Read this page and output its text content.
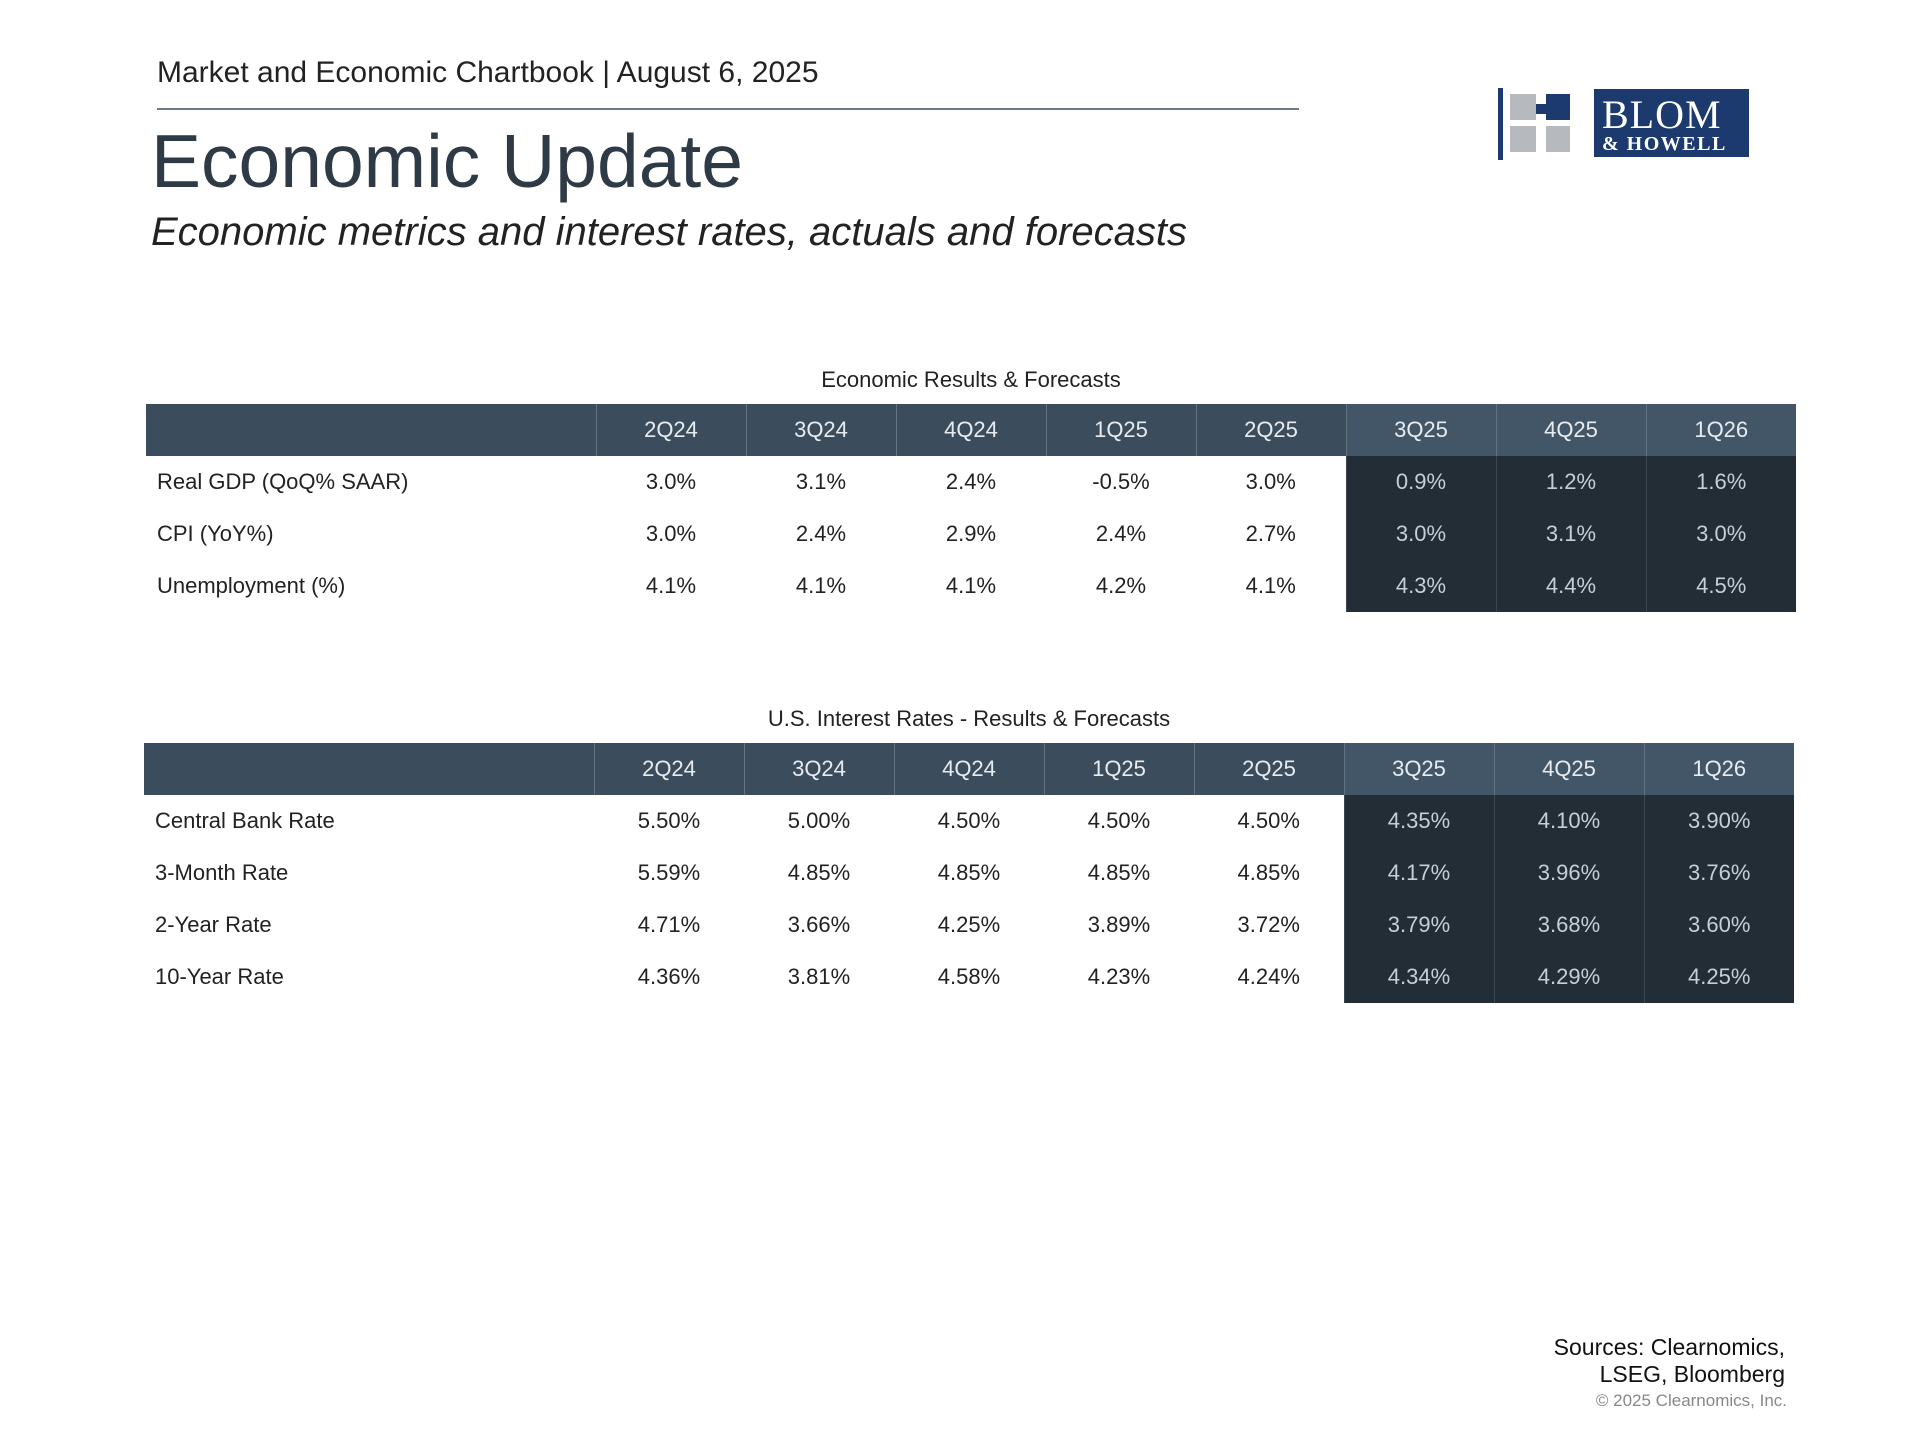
Market and Economic Chartbook | August 6, 2025
Economic Update
Economic metrics and interest rates, actuals and forecasts
BLOM
& HOWELL
Economic Results & Forecasts
	2Q24	3Q24	4Q24	1Q25	2Q25	3Q25	4Q25	1Q26
Real GDP (QoQ% SAAR)	3.0%	3.1%	2.4%	-0.5%	3.0%	0.9%	1.2%	1.6%
CPI (YoY%)	3.0%	2.4%	2.9%	2.4%	2.7%	3.0%	3.1%	3.0%
Unemployment (%)	4.1%	4.1%	4.1%	4.2%	4.1%	4.3%	4.4%	4.5%
U.S. Interest Rates - Results & Forecasts
	2Q24	3Q24	4Q24	1Q25	2Q25	3Q25	4Q25	1Q26
Central Bank Rate	5.50%	5.00%	4.50%	4.50%	4.50%	4.35%	4.10%	3.90%
3-Month Rate	5.59%	4.85%	4.85%	4.85%	4.85%	4.17%	3.96%	3.76%
2-Year Rate	4.71%	3.66%	4.25%	3.89%	3.72%	3.79%	3.68%	3.60%
10-Year Rate	4.36%	3.81%	4.58%	4.23%	4.24%	4.34%	4.29%	4.25%
Sources: Clearnomics,
LSEG, Bloomberg
© 2025 Clearnomics, Inc.
